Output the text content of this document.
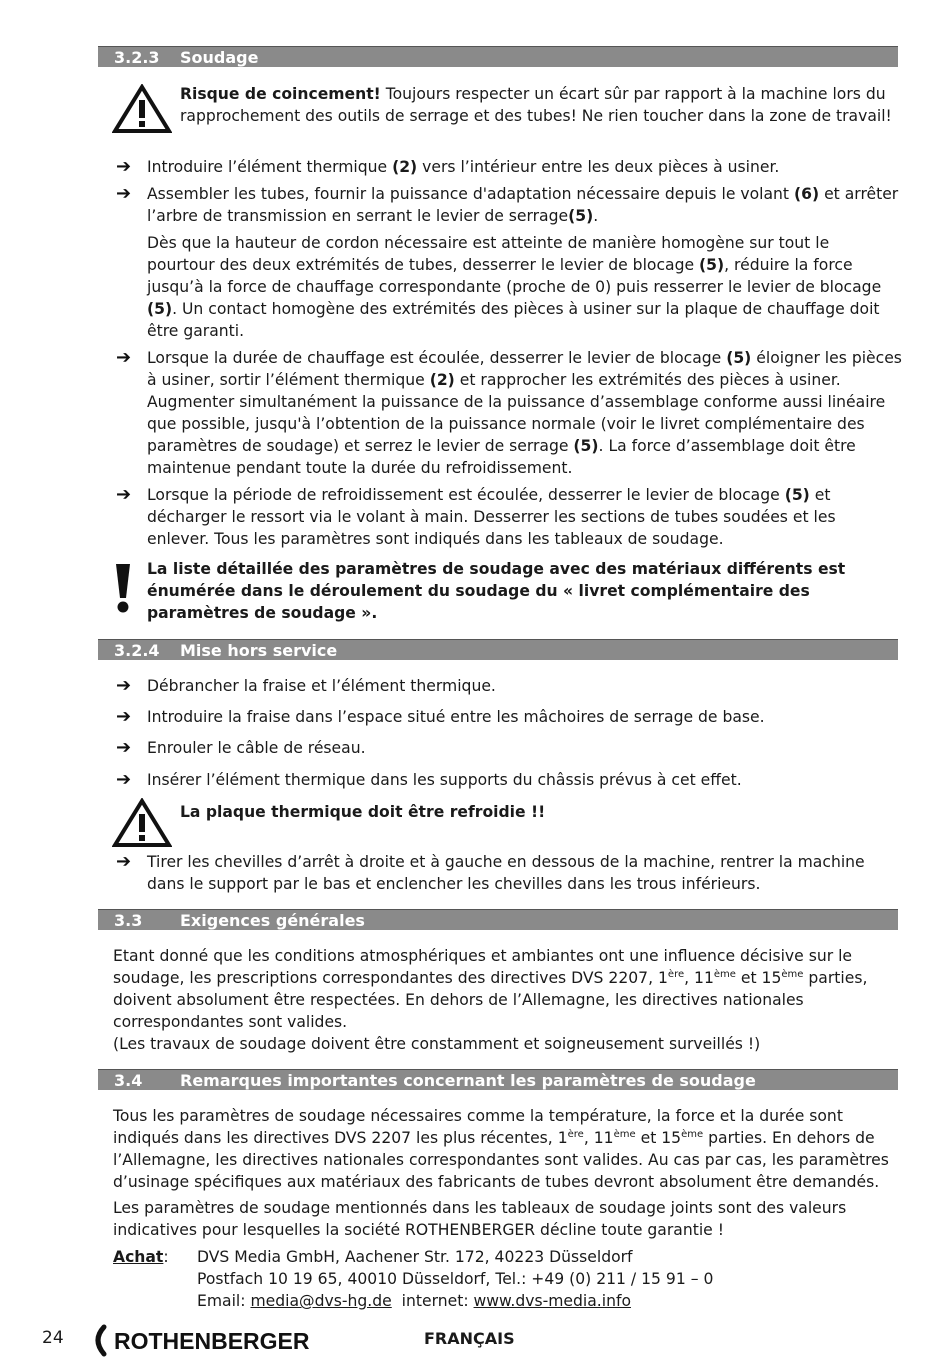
3.2.3 Soudage
Risque de coincement! Toujours respecter un écart sûr par rapport à la machine lors du rapprochement des outils de serrage et des tubes! Ne rien toucher dans la zone de travail!
➔ Introduire l’élément thermique (2) vers l’intérieur entre les deux pièces à usiner.
➔ Assembler les tubes, fournir la puissance d'adaptation nécessaire depuis le volant (6) et arrêter l’arbre de transmission en serrant le levier de serrage(5).
Dès que la hauteur de cordon nécessaire est atteinte de manière homogène sur tout le pourtour des deux extrémités de tubes, desserrer le levier de blocage (5), réduire la force jusqu’à la force de chauffage correspondante (proche de 0) puis resserrer le levier de blocage (5). Un contact homogène des extrémités des pièces à usiner sur la plaque de chauffage doit être garanti.
➔ Lorsque la durée de chauffage est écoulée, desserrer le levier de blocage (5) éloigner les pièces à usiner, sortir l’élément thermique (2) et rapprocher les extrémités des pièces à usiner. Augmenter simultanément la puissance de la puissance d’assemblage conforme aussi linéaire que possible, jusqu'à l’obtention de la puissance normale (voir le livret complémentaire des paramètres de soudage) et serrez le levier de serrage (5). La force d’assemblage doit être maintenue pendant toute la durée du refroidissement.
➔ Lorsque la période de refroidissement est écoulée, desserrer le levier de blocage (5) et décharger le ressort via le volant à main. Desserrer les sections de tubes soudées et les enlever. Tous les paramètres sont indiqués dans les tableaux de soudage.
La liste détaillée des paramètres de soudage avec des matériaux différents est énumérée dans le déroulement du soudage du « livret complémentaire des paramètres de soudage ».
3.2.4 Mise hors service
➔ Débrancher la fraise et l’élément thermique.
➔ Introduire la fraise dans l’espace situé entre les mâchoires de serrage de base.
➔ Enrouler le câble de réseau.
➔ Insérer l’élément thermique dans les supports du châssis prévus à cet effet.
La plaque thermique doit être refroidie !!
➔ Tirer les chevilles d’arrêt à droite et à gauche en dessous de la machine, rentrer la machine dans le support par le bas et enclencher les chevilles dans les trous inférieurs.
3.3 Exigences générales
Etant donné que les conditions atmosphériques et ambiantes ont une influence décisive sur le soudage, les prescriptions correspondantes des directives DVS 2207, 1ère, 11ème et 15ème parties, doivent absolument être respectées. En dehors de l’Allemagne, les directives nationales correspondantes sont valides.
(Les travaux de soudage doivent être constamment et soigneusement surveillés !)
3.4 Remarques importantes concernant les paramètres de soudage
Tous les paramètres de soudage nécessaires comme la température, la force et la durée sont indiqués dans les directives DVS 2207 les plus récentes, 1ère, 11ème et 15ème parties. En dehors de l’Allemagne, les directives nationales correspondantes sont valides. Au cas par cas, les paramètres d’usinage spécifiques aux matériaux des fabricants de tubes devront absolument être demandés.
Les paramètres de soudage mentionnés dans les tableaux de soudage joints sont des valeurs indicatives pour lesquelles la société ROTHENBERGER décline toute garantie !
Achat:	DVS Media GmbH, Aachener Str. 172, 40223 Düsseldorf
Postfach 10 19 65, 40010 Düsseldorf, Tel.: +49 (0) 211 / 15 91 – 0
Email: media@dvs-hg.de  internet: www.dvs-media.info
24 ROTHENBERGER	FRANÇAIS
